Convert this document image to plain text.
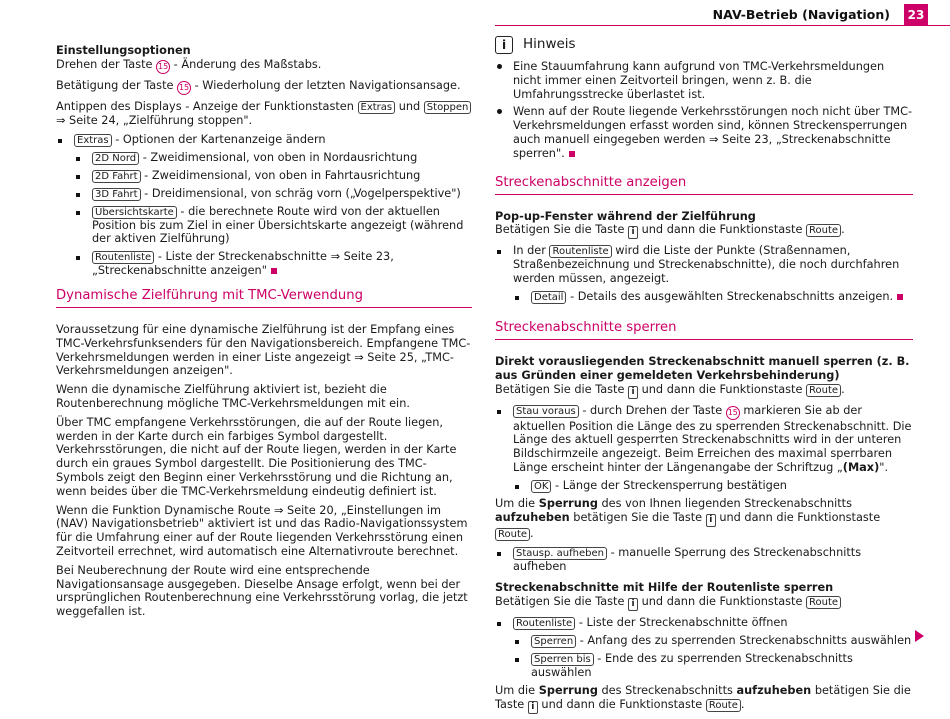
NAV-Betrieb (Navigation)	23

Einstellungsoptionen

Drehen der Taste 15 - Änderung des Maßstabs.

Betätigung der Taste 15 - Wiederholung der letzten Navigationsansage.

Antippen des Displays - Anzeige der Funktionstasten Extras und Stoppen
⇒ Seite 24, „Zielführung stoppen".

Extras - Optionen der Kartenanzeige ändern
2D Nord - Zweidimensional, von oben in Nordausrichtung
2D Fahrt - Zweidimensional, von oben in Fahrtausrichtung
3D Fahrt - Dreidimensional, von schräg vorn („Vogelperspektive")
Übersichtskarte - die berechnete Route wird von der aktuellen Position bis zum Ziel in einer Übersichtskarte angezeigt (während der aktiven Zielführung)
Routenliste - Liste der Streckenabschnitte ⇒ Seite 23, „Streckenabschnitte anzeigen"
Dynamische Zielführung mit TMC-Verwendung

Voraussetzung für eine dynamische Zielführung ist der Empfang eines TMC-Verkehrsfunksenders für den Navigationsbereich. Empfangene TMC-Verkehrsmeldungen werden in einer Liste angezeigt ⇒ Seite 25, „TMC-Verkehrsmeldungen anzeigen".

Wenn die dynamische Zielführung aktiviert ist, bezieht die Routenberechnung mögliche TMC-Verkehrsmeldungen mit ein.

Über TMC empfangene Verkehrsstörungen, die auf der Route liegen, werden in der Karte durch ein farbiges Symbol dargestellt. Verkehrsstörungen, die nicht auf der Route liegen, werden in der Karte durch ein graues Symbol dargestellt. Die Positionierung des TMC-Symbols zeigt den Beginn einer Verkehrsstörung und die Richtung an, wenn beides über die TMC-Verkehrsmeldung eindeutig definiert ist.

Wenn die Funktion Dynamische Route ⇒ Seite 20, „Einstellungen im (NAV) Navigationsbetrieb" aktiviert ist und das Radio-Navigationssystem für die Umfahrung einer auf der Route liegenden Verkehrsstörung einen Zeitvorteil errechnet, wird automatisch eine Alternativroute berechnet.

Bei Neuberechnung der Route wird eine entsprechende Navigationsansage ausgegeben. Dieselbe Ansage erfolgt, wenn bei der ursprünglichen Routenberechnung eine Verkehrsstörung vorlag, die jetzt weggefallen ist.

i	Hinweis
Eine Stauumfahrung kann aufgrund von TMC-Verkehrsmeldungen nicht immer einen Zeitvorteil bringen, wenn z. B. die Umfahrungsstrecke überlastet ist.
Wenn auf der Route liegende Verkehrsstörungen noch nicht über TMC-Verkehrsmeldungen erfasst worden sind, können Streckensperrungen auch manuell eingegeben werden ⇒ Seite 23, „Streckenabschnitte sperren".
Streckenabschnitte anzeigen

Pop-up-Fenster während der Zielführung

Betätigen Sie die Taste i und dann die Funktionstaste Route .

In der Routenliste wird die Liste der Punkte (Straßennamen, Straßenbezeichnung und Streckenabschnitte), die noch durchfahren werden müssen, angezeigt.
Detail - Details des ausgewählten Streckenabschnitts anzeigen.
Streckenabschnitte sperren

Direkt vorausliegenden Streckenabschnitt manuell sperren (z. B. aus Gründen einer gemeldeten Verkehrsbehinderung)

Betätigen Sie die Taste i und dann die Funktionstaste Route .

Stau voraus - durch Drehen der Taste 15 markieren Sie ab der aktuellen Position die Länge des zu sperrenden Streckenabschnitt. Die Länge des aktuell gesperrten Streckenabschnitts wird in der unteren Bildschirmzeile angezeigt. Beim Erreichen des maximal sperrbaren Länge erscheint hinter der Längenangabe der Schriftzug „(Max)".
OK - Länge der Streckensperrung bestätigen

Um die Sperrung des von Ihnen liegenden Streckenabschnitts aufzuheben betätigen Sie die Taste i und dann die Funktionstaste Route .

Stausp. aufheben - manuelle Sperrung des Streckenabschnitts aufheben

Streckenabschnitte mit Hilfe der Routenliste sperren

Betätigen Sie die Taste i und dann die Funktionstaste Route

Routenliste - Liste der Streckenabschnitte öffnen
Sperren - Anfang des zu sperrenden Streckenabschnitts auswählen
Sperren bis - Ende des zu sperrenden Streckenabschnitts auswählen

Um die Sperrung des Streckenabschnitts aufzuheben betätigen Sie die Taste i und dann die Funktionstaste Route .
